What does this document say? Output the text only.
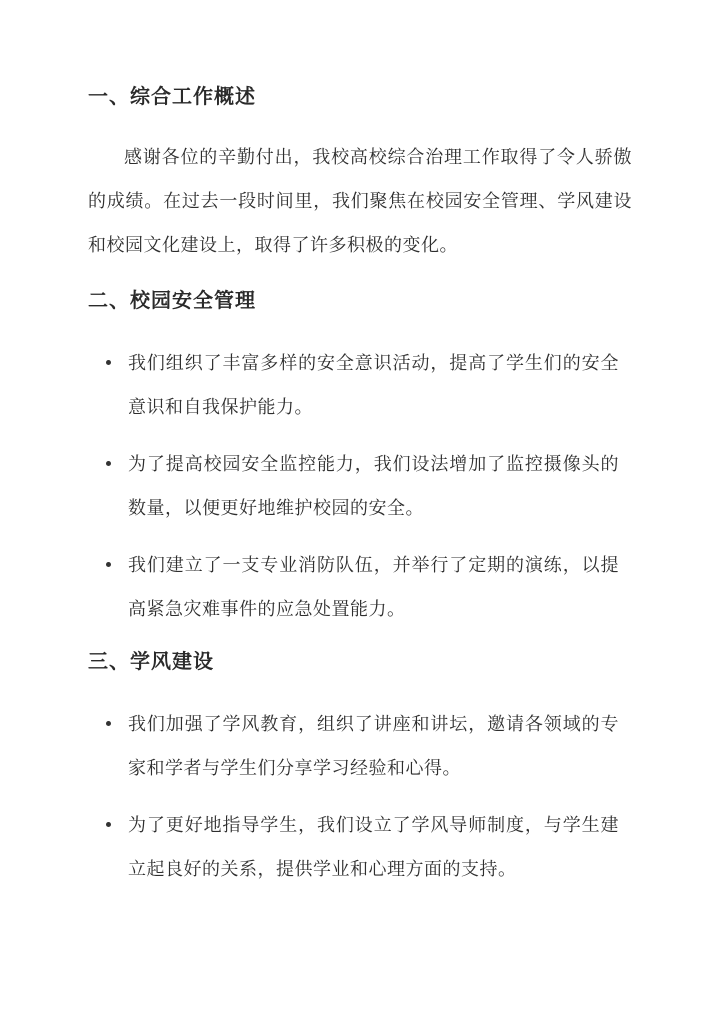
一、综合工作概述

感谢各位的辛勤付出，我校高校综合治理工作取得了令人骄傲的成绩。在过去一段时间里，我们聚焦在校园安全管理、学风建设和校园文化建设上，取得了许多积极的变化。

二、校园安全管理
我们组织了丰富多样的安全意识活动，提高了学生们的安全意识和自我保护能力。
为了提高校园安全监控能力，我们设法增加了监控摄像头的数量，以便更好地维护校园的安全。
我们建立了一支专业消防队伍，并举行了定期的演练，以提高紧急灾难事件的应急处置能力。
三、学风建设
我们加强了学风教育，组织了讲座和讲坛，邀请各领域的专家和学者与学生们分享学习经验和心得。
为了更好地指导学生，我们设立了学风导师制度，与学生建立起良好的关系，提供学业和心理方面的支持。
